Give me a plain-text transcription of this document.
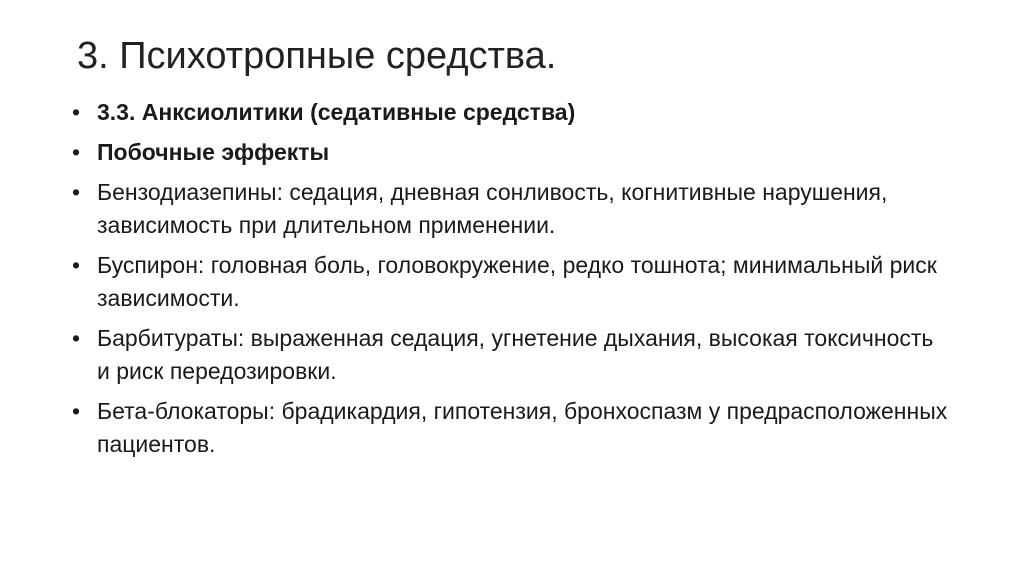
3. Психотропные средства.
• 3.3. Анксиолитики (седативные средства)
• Побочные эффекты
• Бензодиазепины: седация, дневная сонливость, когнитивные нарушения, зависимость при длительном применении.
• Буспирон: головная боль, головокружение, редко тошнота; минимальный риск зависимости.
• Барбитураты: выраженная седация, угнетение дыхания, высокая токсичность и риск передозировки.
• Бета-блокаторы: брадикардия, гипотензия, бронхоспазм у предрасположенных пациентов.
